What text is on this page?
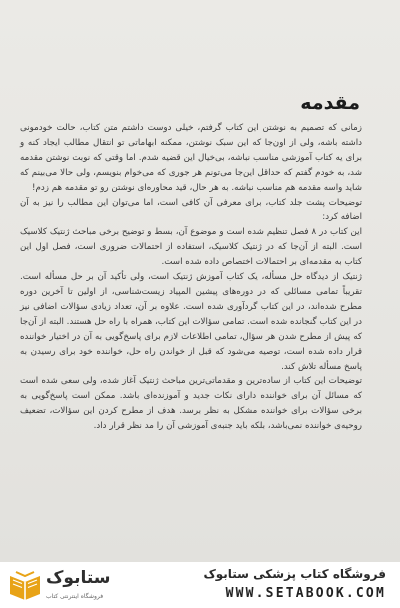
مقدمه

زمانی که تصمیم به نوشتن این کتاب گرفتم، خیلی دوست داشتم متن کتاب، حالت خودمونی داشته باشه، ولی از اون‌جا که این سبک نوشتن، ممکنه ابهاماتی تو انتقال مطالب ایجاد کنه و برای یه کتاب آموزشی مناسب نباشه، بی‌خیال این قضیه شدم. اما وقتی که نوبت نوشتن مقدمه شد، به خودم گفتم که حداقل این‌جا می‌تونم هر جوری که می‌خوام بنویسم، ولی حالا می‌بینم که شاید واسه مقدمه هم مناسب نباشه. به هر حال، قید محاوره‌ای نوشتن رو تو مقدمه هم زدم!

توضیحات پشت جلد کتاب، برای معرفی آن کافی است، اما می‌توان این مطالب را نیز به آن اضافه کرد:

این کتاب در ۸ فصل تنظیم شده است و موضوع آن، بسط و توضیح برخی مباحث ژنتیک کلاسیک است. البته از آن‌جا که در ژنتیک کلاسیک، استفاده از احتمالات ضروری است، فصل اول این کتاب به مقدمه‌ای بر احتمالات اختصاص داده شده است.

ژنتیک از دیدگاه حل مسأله، یک کتاب آموزش ژنتیک است، ولی تأکید آن بر حل مسأله است. تقریباً تمامی مسائلی که در دوره‌های پیشین المپیاد زیست‌شناسی، از اولین تا آخرین دوره مطرح شده‌اند، در این کتاب گردآوری شده است. علاوه بر آن، تعداد زیادی سؤالات اضافی نیز در این کتاب گنجانده شده است. تمامی سؤالات این کتاب، همراه با راه حل هستند. البته از آن‌جا که پیش از مطرح شدن هر سؤال، تمامی اطلاعات لازم برای پاسخ‌گویی به آن در اختیار خواننده قرار داده شده است، توصیه می‌شود که قبل از خواندن راه حل، خواننده خود برای رسیدن به پاسخ مسأله تلاش کند.

توضیحات این کتاب از ساده‌ترین و مقدماتی‌ترین مباحث ژنتیک آغاز شده، ولی سعی شده است که مسائل آن برای خواننده دارای نکات جدید و آموزنده‌ای باشد. ممکن است پاسخ‌گویی به برخی سؤالات برای خواننده مشکل به نظر برسد. هدف از مطرح کردن این سؤالات، تضعیف روحیه‌ی خواننده نمی‌باشد، بلکه باید جنبه‌ی آموزشی آن را مد نظر قرار داد.

ستابوک
فروشگاه اینترنتی کتاب
فروشگاه کتاب پزشکی ستابوک
WWW.SETABOOK.COM
